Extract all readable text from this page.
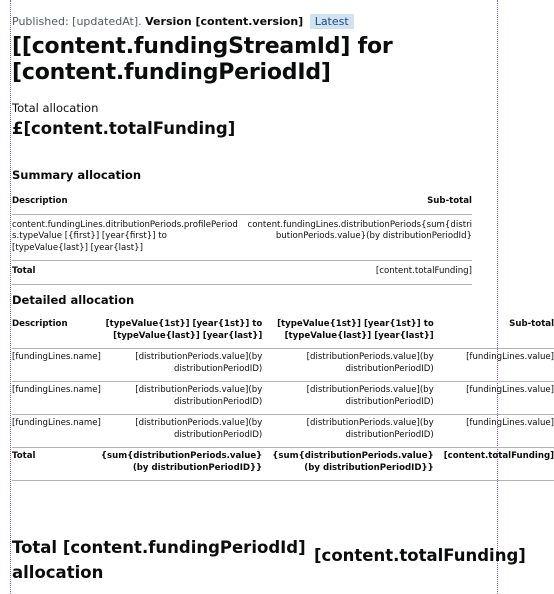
Published: [updatedAt]. Version [content.version] Latest
[[content.fundingStreamId] for [content.fundingPeriodId]
Total allocation
£[content.totalFunding]
Summary allocation
Description	Sub-total
content.fundingLines.ditributionPeriods.profilePeriods.typeValue [{first}] [year{first}] to [typeValue{last}] [year{last}]	content.fundingLines.distributionPeriods{sum{distributionPeriods.value}(by distributionPeriodId}
Total	[content.totalFunding]
Detailed allocation
Description	[typeValue{1st}] [year{1st}] to [typeValue{last}] [year{last}]	[typeValue{1st}] [year{1st}] to [typeValue{last}] [year{last}]	Sub-total
[fundingLines.name]	[distributionPeriods.value](by distributionPeriodID)	[distributionPeriods.value](by distributionPeriodID)	[fundingLines.value]
[fundingLines.name]	[distributionPeriods.value](by distributionPeriodID)	[distributionPeriods.value](by distributionPeriodID)	[fundingLines.value]
[fundingLines.name]	[distributionPeriods.value](by distributionPeriodID)	[distributionPeriods.value](by distributionPeriodID)	[fundingLines.value]
Total	{sum{distributionPeriods.value}(by distributionPeriodID}}	{sum{distributionPeriods.value}(by distributionPeriodID}}	[content.totalFunding]
Total [content.fundingPeriodId] allocation
[content.totalFunding]
